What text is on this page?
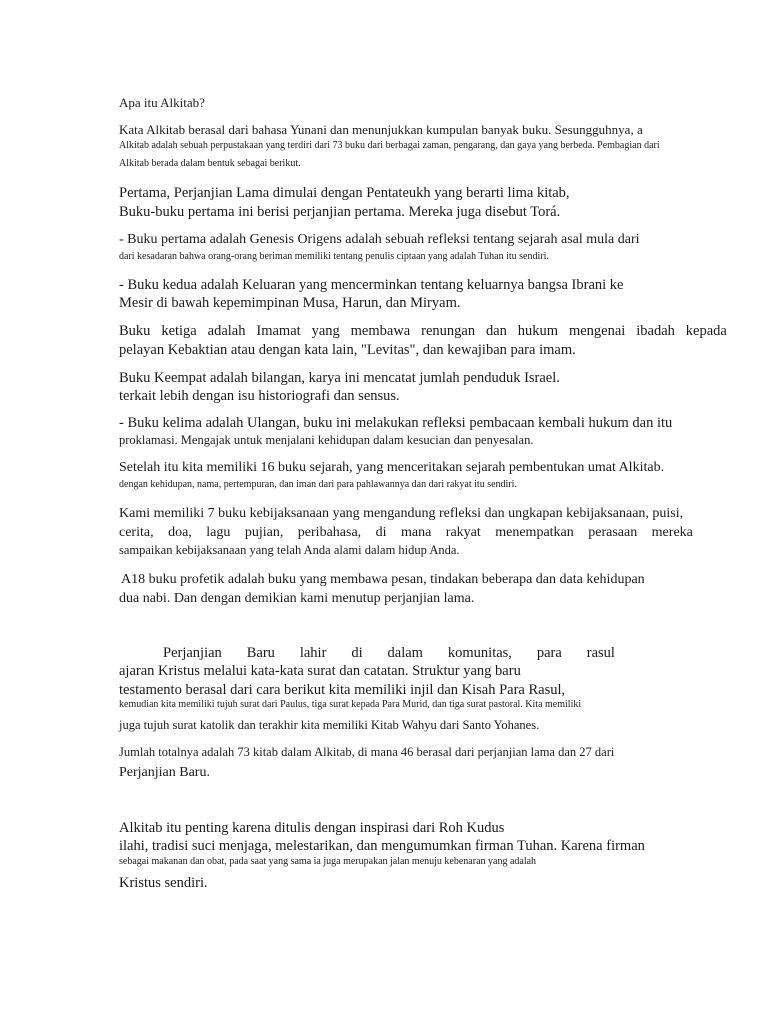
Apa itu Alkitab?

Kata Alkitab berasal dari bahasa Yunani dan menunjukkan kumpulan banyak buku. Sesungguhnya, a

Alkitab adalah sebuah perpustakaan yang terdiri dari 73 buku dari berbagai zaman, pengarang, dan gaya yang berbeda. Pembagian dari

Alkitab berada dalam bentuk sebagai berikut.

Pertama, Perjanjian Lama dimulai dengan Pentateukh yang berarti lima kitab,

Buku-buku pertama ini berisi perjanjian pertama. Mereka juga disebut Torá.

- Buku pertama adalah Genesis Origens adalah sebuah refleksi tentang sejarah asal mula dari

dari kesadaran bahwa orang-orang beriman memiliki tentang penulis ciptaan yang adalah Tuhan itu sendiri.

- Buku kedua adalah Keluaran yang mencerminkan tentang keluarnya bangsa Ibrani ke

Mesir di bawah kepemimpinan Musa, Harun, dan Miryam.

Buku ketiga adalah Imamat yang membawa renungan dan hukum mengenai ibadah kepada

pelayan Kebaktian atau dengan kata lain, "Levitas", dan kewajiban para imam.

Buku Keempat adalah bilangan, karya ini mencatat jumlah penduduk Israel.

terkait lebih dengan isu historiografi dan sensus.

- Buku kelima adalah Ulangan, buku ini melakukan refleksi pembacaan kembali hukum dan itu

proklamasi. Mengajak untuk menjalani kehidupan dalam kesucian dan penyesalan.

Setelah itu kita memiliki 16 buku sejarah, yang menceritakan sejarah pembentukan umat Alkitab.

dengan kehidupan, nama, pertempuran, dan iman dari para pahlawannya dan dari rakyat itu sendiri.

Kami memiliki 7 buku kebijaksanaan yang mengandung refleksi dan ungkapan kebijaksanaan, puisi,

cerita, doa, lagu pujian, peribahasa, di mana rakyat menempatkan perasaan mereka

sampaikan kebijaksanaan yang telah Anda alami dalam hidup Anda.

A18 buku profetik adalah buku yang membawa pesan, tindakan beberapa dan data kehidupan

dua nabi. Dan dengan demikian kami menutup perjanjian lama.

Perjanjian Baru lahir di dalam komunitas, para rasul

ajaran Kristus melalui kata-kata surat dan catatan. Struktur yang baru

testamento berasal dari cara berikut kita memiliki injil dan Kisah Para Rasul,

kemudian kita memiliki tujuh surat dari Paulus, tiga surat kepada Para Murid, dan tiga surat pastoral. Kita memiliki

juga tujuh surat katolik dan terakhir kita memiliki Kitab Wahyu dari Santo Yohanes.

Jumlah totalnya adalah 73 kitab dalam Alkitab, di mana 46 berasal dari perjanjian lama dan 27 dari

Perjanjian Baru.

Alkitab itu penting karena ditulis dengan inspirasi dari Roh Kudus

ilahi, tradisi suci menjaga, melestarikan, dan mengumumkan firman Tuhan. Karena firman

sebagai makanan dan obat, pada saat yang sama ia juga merupakan jalan menuju kebenaran yang adalah

Kristus sendiri.
